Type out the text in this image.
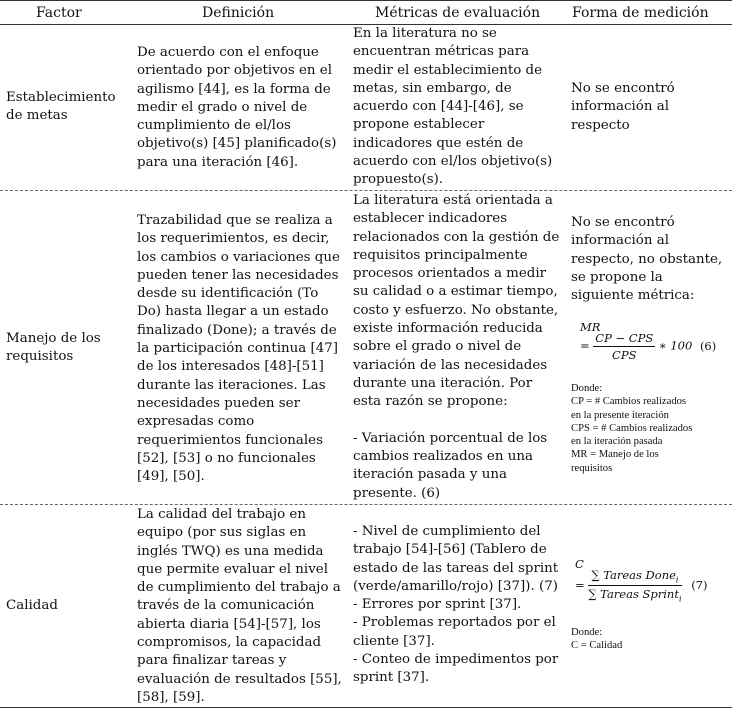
Factor	Definición	Métricas de evaluación Forma de medición
Establecimiento
de metas
De acuerdo con el enfoque
orientado por objetivos en el
agilismo [44], es la forma de
medir el grado o nivel de
cumplimiento de el/los
objetivo(s) [45] planificado(s)
para una iteración [46].
En la literatura no se
encuentran métricas para
medir el establecimiento de
metas, sin embargo, de
acuerdo con [44]-[46], se
propone establecer
indicadores que estén de
acuerdo con el/los objetivo(s)
propuesto(s).
No se encontró
información al
respecto
Manejo de los
requisitos
Trazabilidad que se realiza a
los requerimientos, es decir,
los cambios o variaciones que
pueden tener las necesidades
desde su identificación (To
Do) hasta llegar a un estado
finalizado (Done); a través de
la participación continua [47]
de los interesados [48]-[51]
durante las iteraciones. Las
necesidades pueden ser
expresadas como
requerimientos funcionales
[52], [53] o no funcionales
[49], [50].
La literatura está orientada a
establecer indicadores
relacionados con la gestión de
requisitos principalmente
procesos orientados a medir
su calidad o a estimar tiempo,
costo y esfuerzo. No obstante,
existe información reducida
sobre el grado o nivel de
variación de las necesidades
durante una iteración. Por
esta razón se propone:

- Variación porcentual de los
cambios realizados en una
iteración pasada y una
presente. (6)
No se encontró
información al
respecto, no obstante,
se propone la
siguiente métrica:
MR
= $\frac{\text{CP − CPS}}{\text{CPS}}$ ∗ 100 (6)
Donde:
CP = # Cambios realizados
en la presente iteración
CPS = # Cambios realizados
en la iteración pasada
MR = Manejo de los
requisitos
Calidad
La calidad del trabajo en
equipo (por sus siglas en
inglés TWQ) es una medida
que permite evaluar el nivel
de cumplimiento del trabajo a
través de la comunicación
abierta diaria [54]-[57], los
compromisos, la capacidad
para finalizar tareas y
evaluación de resultados [55],
[58], [59].
- Nivel de cumplimiento del
trabajo [54]-[56] (Tablero de
estado de las tareas del sprint
(verde/amarillo/rojo) [37]). (7)
- Errores por sprint [37].
- Problemas reportados por el
cliente [37].
- Conteo de impedimentos por
sprint [37].
C
= $\frac{\sum Tareas Done_i}{\sum Tareas Sprint_i} (7)$
Donde:
C = Calidad
